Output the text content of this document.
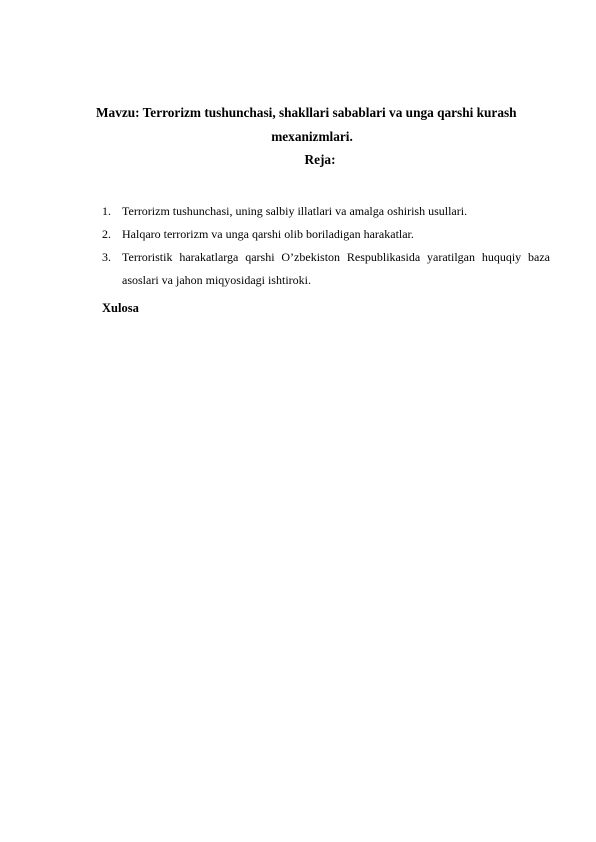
Mavzu: Terrorizm tushunchasi, shakllari sabablari va unga qarshi kurash
mexanizmlari.
Reja:
1. Terrorizm tushunchasi, uning salbiy illatlari va amalga oshirish usullari.
2. Halqaro terrorizm va unga qarshi olib boriladigan harakatlar.
3. Terroristik harakatlarga qarshi O’zbekiston Respublikasida yaratilgan huquqiy baza asoslari va jahon miqyosidagi ishtiroki.
Xulosa
